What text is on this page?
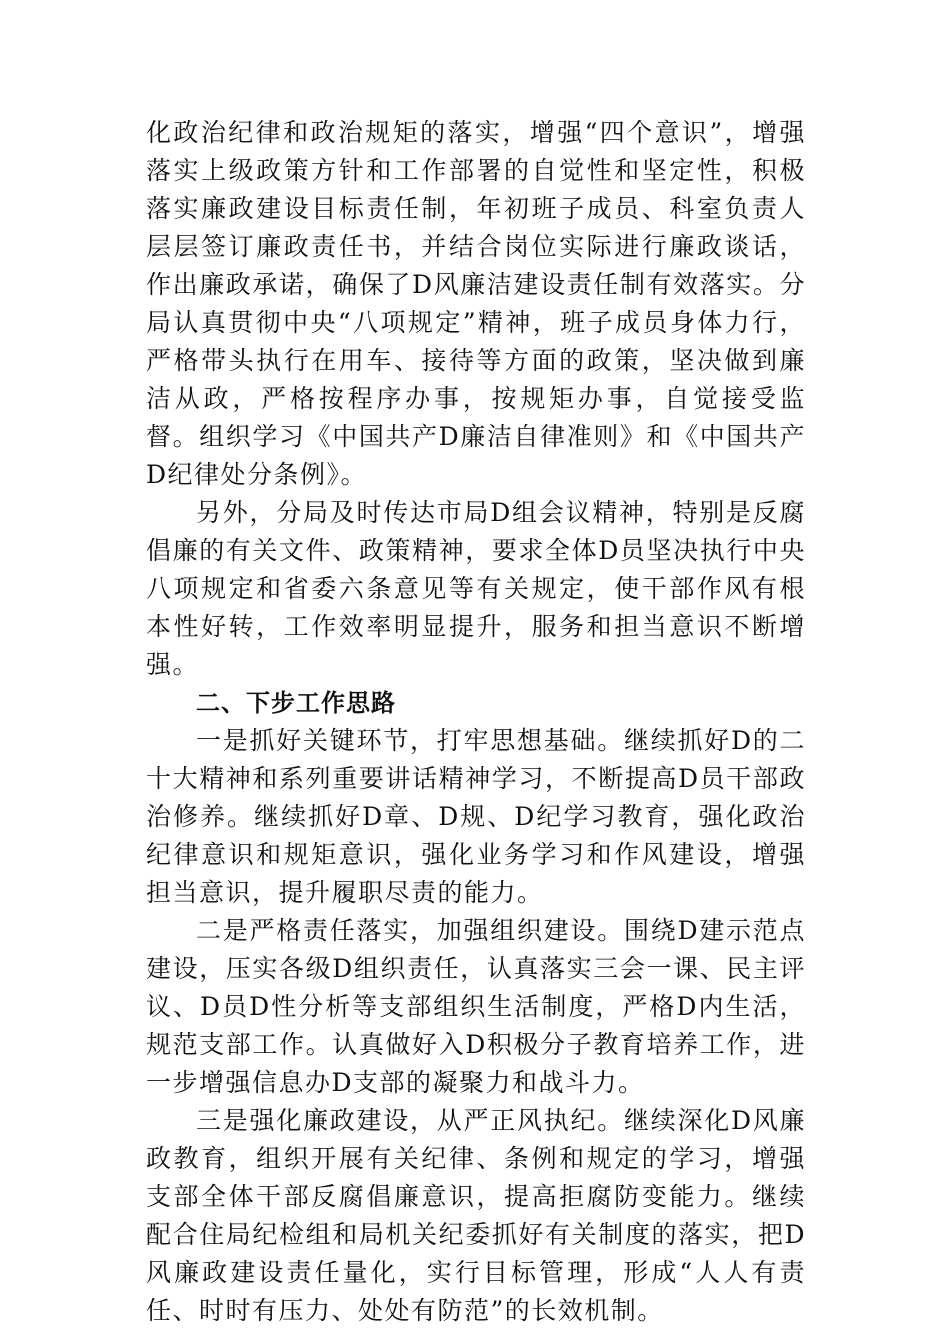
化政治纪律和政治规矩的落实，增强“四个意识”，增强落实上级政策方针和工作部署的自觉性和坚定性，积极落实廉政建设目标责任制，年初班子成员、科室负责人层层签订廉政责任书，并结合岗位实际进行廉政谈话，作出廉政承诺，确保了D风廉洁建设责任制有效落实。分局认真贯彻中央“八项规定”精神，班子成员身体力行，严格带头执行在用车、接待等方面的政策，坚决做到廉洁从政，严格按程序办事，按规矩办事，自觉接受监督。组织学习《中国共产D廉洁自律准则》和《中国共产D纪律处分条例》。

另外，分局及时传达市局D组会议精神，特别是反腐倡廉的有关文件、政策精神，要求全体D员坚决执行中央八项规定和省委六条意见等有关规定，使干部作风有根本性好转，工作效率明显提升，服务和担当意识不断增强。

二、下步工作思路

一是抓好关键环节，打牢思想基础。继续抓好D的二十大精神和系列重要讲话精神学习，不断提高D员干部政治修养。继续抓好D章、D规、D纪学习教育，强化政治纪律意识和规矩意识，强化业务学习和作风建设，增强担当意识，提升履职尽责的能力。

二是严格责任落实，加强组织建设。围绕D建示范点建设，压实各级D组织责任，认真落实三会一课、民主评议、D员D性分析等支部组织生活制度，严格D内生活，规范支部工作。认真做好入D积极分子教育培养工作，进一步增强信息办D支部的凝聚力和战斗力。

三是强化廉政建设，从严正风执纪。继续深化D风廉政教育，组织开展有关纪律、条例和规定的学习，增强支部全体干部反腐倡廉意识，提高拒腐防变能力。继续配合住局纪检组和局机关纪委抓好有关制度的落实，把D风廉政建设责任量化，实行目标管理，形成“人人有责任、时时有压力、处处有防范”的长效机制。
